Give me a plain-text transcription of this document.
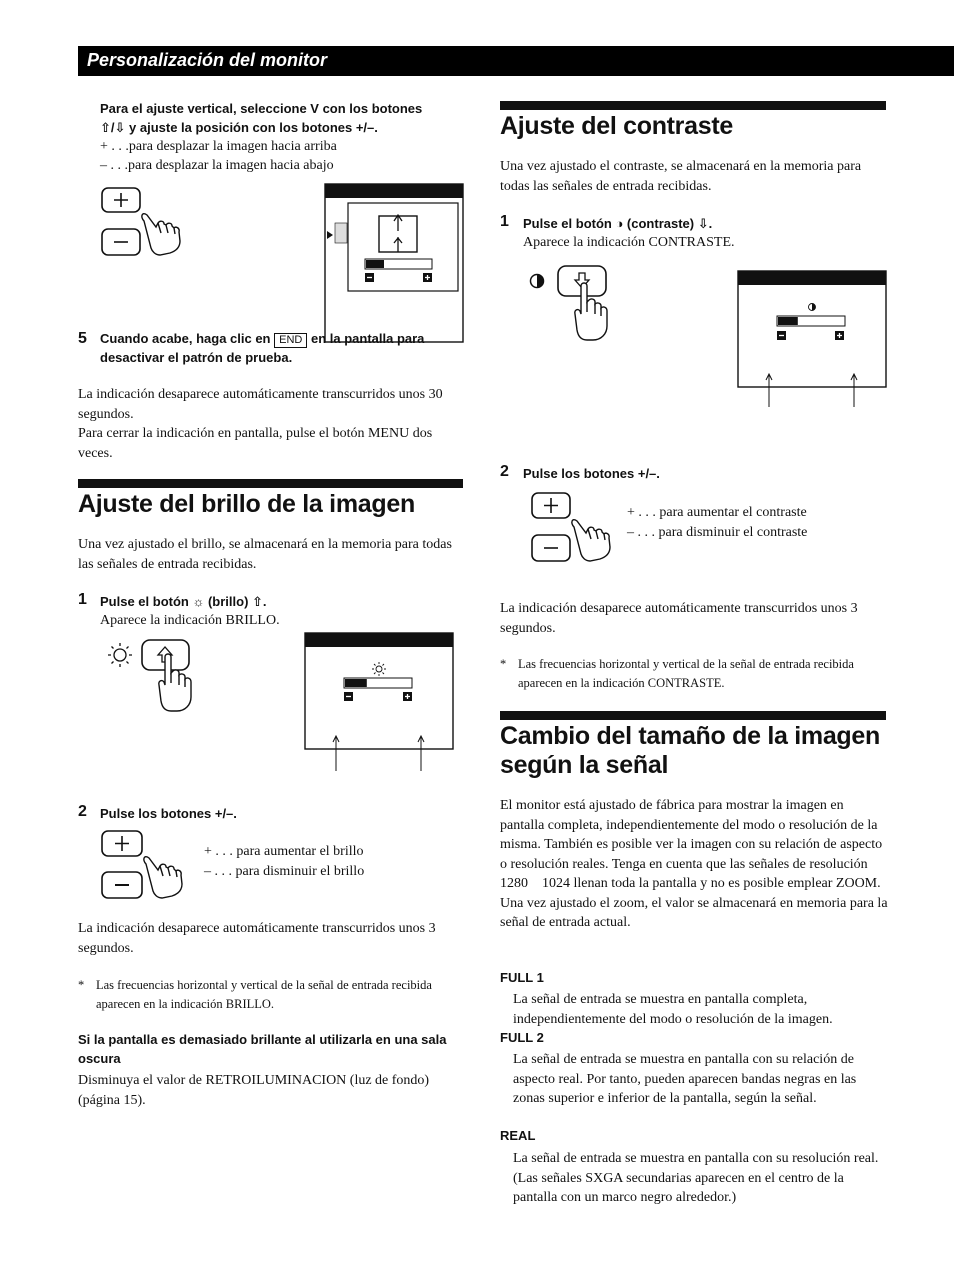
Personalización del monitor
Para el ajuste vertical, seleccione V con los botones
⇧/⇩ y ajuste la posición con los botones +/–.
+ . . .para desplazar la imagen hacia arriba
– . . .para desplazar la imagen hacia abajo
5 Cuando acabe, haga clic en END en la pantalla para
desactivar el patrón de prueba.
La indicación desaparece automáticamente transcurridos unos 30 segundos.
Para cerrar la indicación en pantalla, pulse el botón MENU dos veces.
Ajuste del brillo de la imagen
Una vez ajustado el brillo, se almacenará en la memoria para todas las señales de entrada recibidas.
1 Pulse el botón ☼ (brillo) ⇧.
Aparece la indicación BRILLO.
2 Pulse los botones +/–.
+ . . . para aumentar el brillo
– . . . para disminuir el brillo
La indicación desaparece automáticamente transcurridos unos 3 segundos.
* Las frecuencias horizontal y vertical de la señal de entrada recibida aparecen en la indicación BRILLO.
Si la pantalla es demasiado brillante al utilizarla en una sala oscura
Disminuya el valor de RETROILUMINACION (luz de fondo) (página 15).
Ajuste del contraste
Una vez ajustado el contraste, se almacenará en la memoria para todas las señales de entrada recibidas.
1 Pulse el botón ◑ (contraste) ⇩.
Aparece la indicación CONTRASTE.
2 Pulse los botones +/–.
+ . . . para aumentar el contraste
– . . . para disminuir el contraste
La indicación desaparece automáticamente transcurridos unos 3 segundos.
* Las frecuencias horizontal y vertical de la señal de entrada recibida aparecen en la indicación CONTRASTE.
Cambio del tamaño de la imagen
según la señal
El monitor está ajustado de fábrica para mostrar la imagen en pantalla completa, independientemente del modo o resolución de la misma. También es posible ver la imagen con su relación de aspecto o resolución reales. Tenga en cuenta que las señales de resolución 1280    1024 llenan toda la pantalla y no es posible emplear ZOOM.
Una vez ajustado el zoom, el valor se almacenará en memoria para la señal de entrada actual.
FULL 1
La señal de entrada se muestra en pantalla completa, independientemente del modo o resolución de la imagen.
FULL 2
La señal de entrada se muestra en pantalla con su relación de aspecto real. Por tanto, pueden aparecen bandas negras en las zonas superior e inferior de la pantalla, según la señal.
REAL
La señal de entrada se muestra en pantalla con su resolución real. (Las señales SXGA secundarias aparecen en el centro de la pantalla con un marco negro alrededor.)
